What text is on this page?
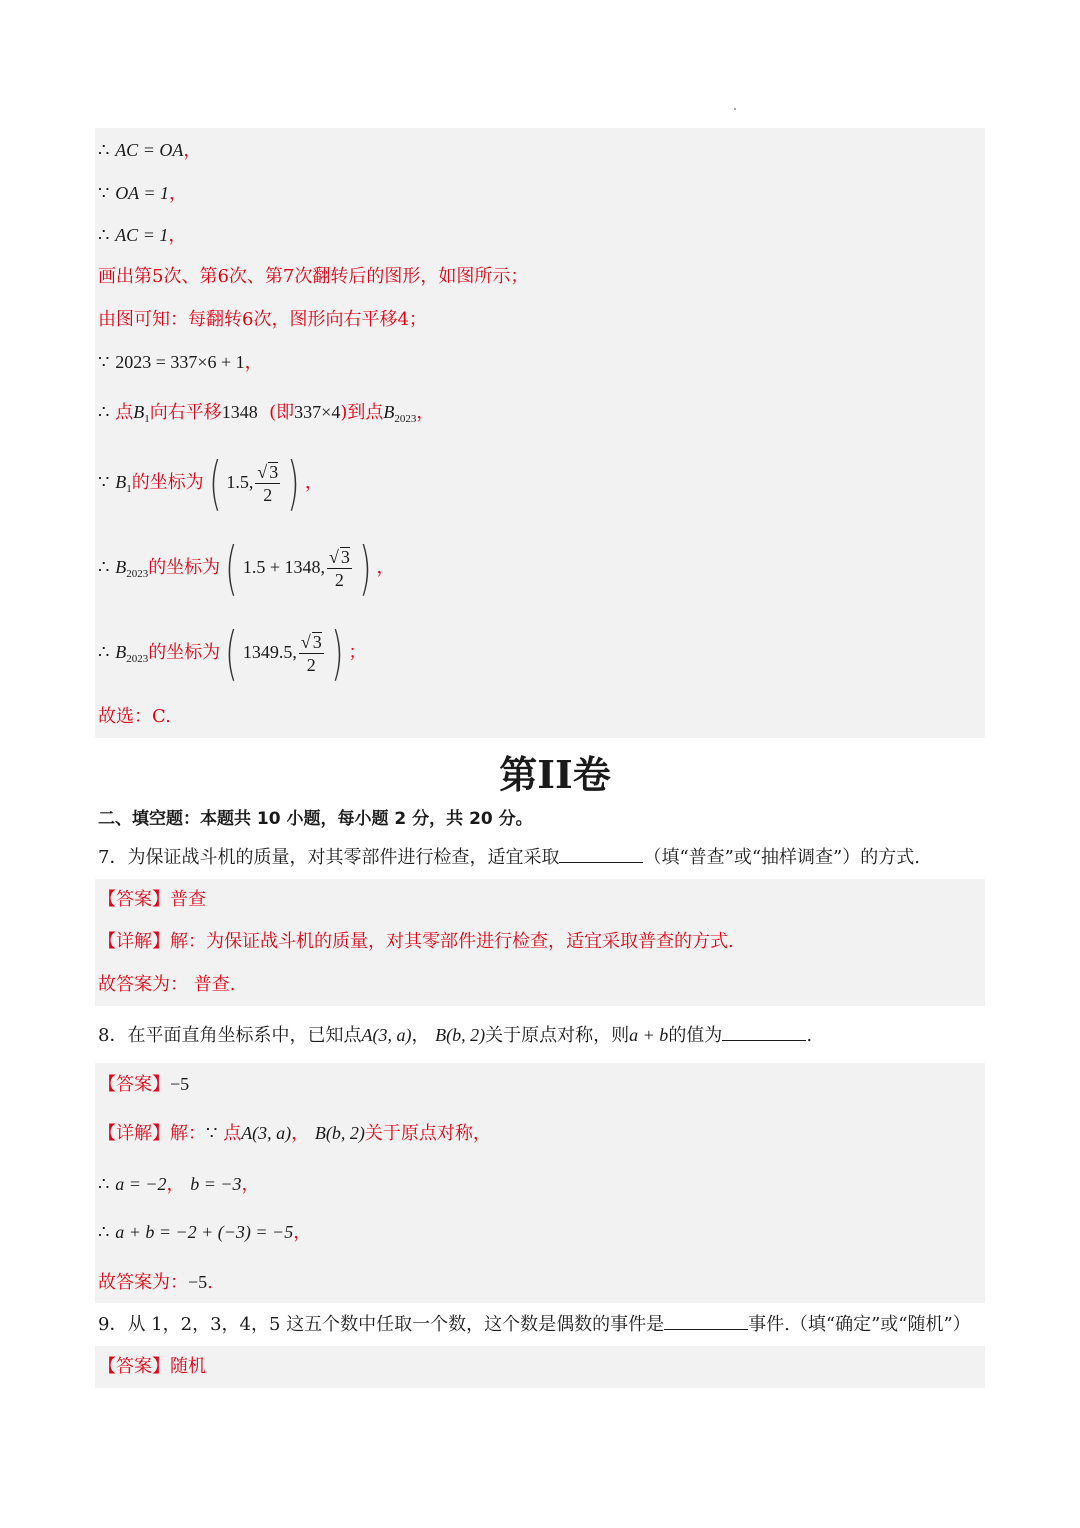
∴ AC = OA，
∵ OA = 1，
∴ AC = 1，
画出第5次、第6次、第7次翻转后的图形，如图所示；
由图可知：每翻转6次，图形向右平移4；
∵ 2023 = 337×6 + 1，
∴ 点$B_1$向右平移1348 (即337×4)到点$B_{2023}$，
∵ $B_1$的坐标为( 1.5, $\frac{√ 3}{2}$ ) ，
∴ $B_{2023}$的坐标为( 1.5 + 1348, $\frac{√ 3}{2}$ ) ，
∴ $B_{2023}$的坐标为( 1349.5, $\frac{√ 3}{2}$ ) ；
故选：C.
第II卷
二、填空题：本题共 10 小题，每小题 2 分，共 20 分。
7．为保证战斗机的质量，对其零部件进行检查，适宜采取	（填“普查”或“抽样调查”）的方式.
【答案】普查
【详解】解：为保证战斗机的质量，对其零部件进行检查，适宜采取普查的方式.
故答案为： 普查.
8．在平面直角坐标系中，已知点A(3, a)， B(b, 2)关于原点对称，则a + b的值为	.
【答案】−5
【详解】解：∵ 点A(3, a)， B(b, 2)关于原点对称，
∴ a = −2， b = −3，
∴ a + b = −2 + (−3) = −5，
故答案为：−5.
9．从 1，2，3，4，5 这五个数中任取一个数，这个数是偶数的事件是	事件.（填“确定”或“随机”）
【答案】随机
